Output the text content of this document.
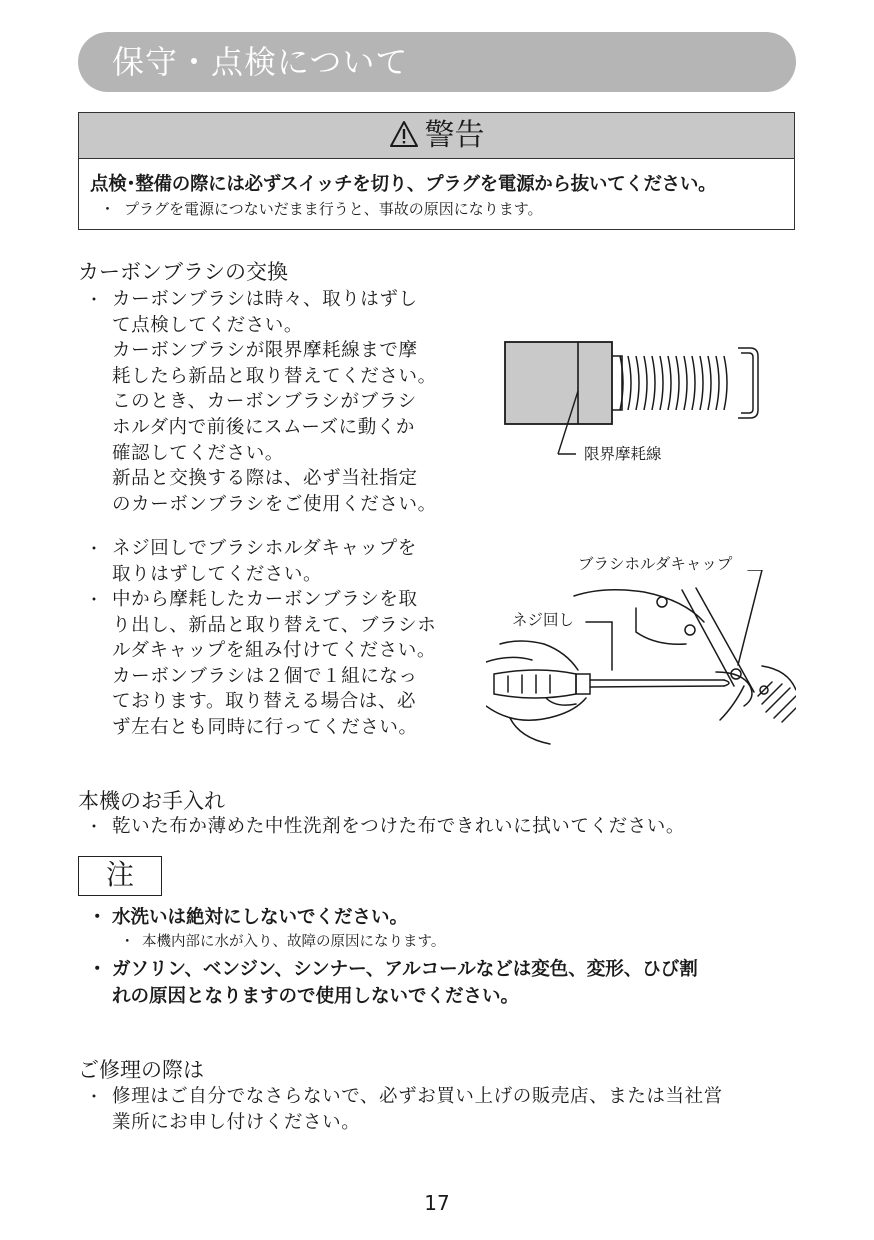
保守・点検について
警告
点検･整備の際には必ずスイッチを切り、プラグを電源から抜いてください。
・ プラグを電源につないだまま行うと、事故の原因になります。
カーボンブラシの交換
・ カーボンブラシは時々、取りはずし
て点検してください。
カーボンブラシが限界摩耗線まで摩
耗したら新品と取り替えてください。
このとき、カーボンブラシがブラシ
ホルダ内で前後にスムーズに動くか
確認してください。
新品と交換する際は、必ず当社指定
のカーボンブラシをご使用ください。
・ ネジ回しでブラシホルダキャップを
取りはずしてください。
・ 中から摩耗したカーボンブラシを取
り出し、新品と取り替えて、ブラシホ
ルダキャップを組み付けてください。
カーボンブラシは２個で１組になっ
ております。取り替える場合は、必
ず左右とも同時に行ってください。
限界摩耗線
ブラシホルダキャップ
ネジ回し
本機のお手入れ
・ 乾いた布か薄めた中性洗剤をつけた布できれいに拭いてください。
注
・ 水洗いは絶対にしないでください。
・ 本機内部に水が入り、故障の原因になります。
・ ガソリン、ベンジン、シンナー、アルコールなどは変色、変形、ひび割
れの原因となりますので使用しないでください。
ご修理の際は
・ 修理はご自分でなさらないで、必ずお買い上げの販売店、または当社営
業所にお申し付けください。
17
